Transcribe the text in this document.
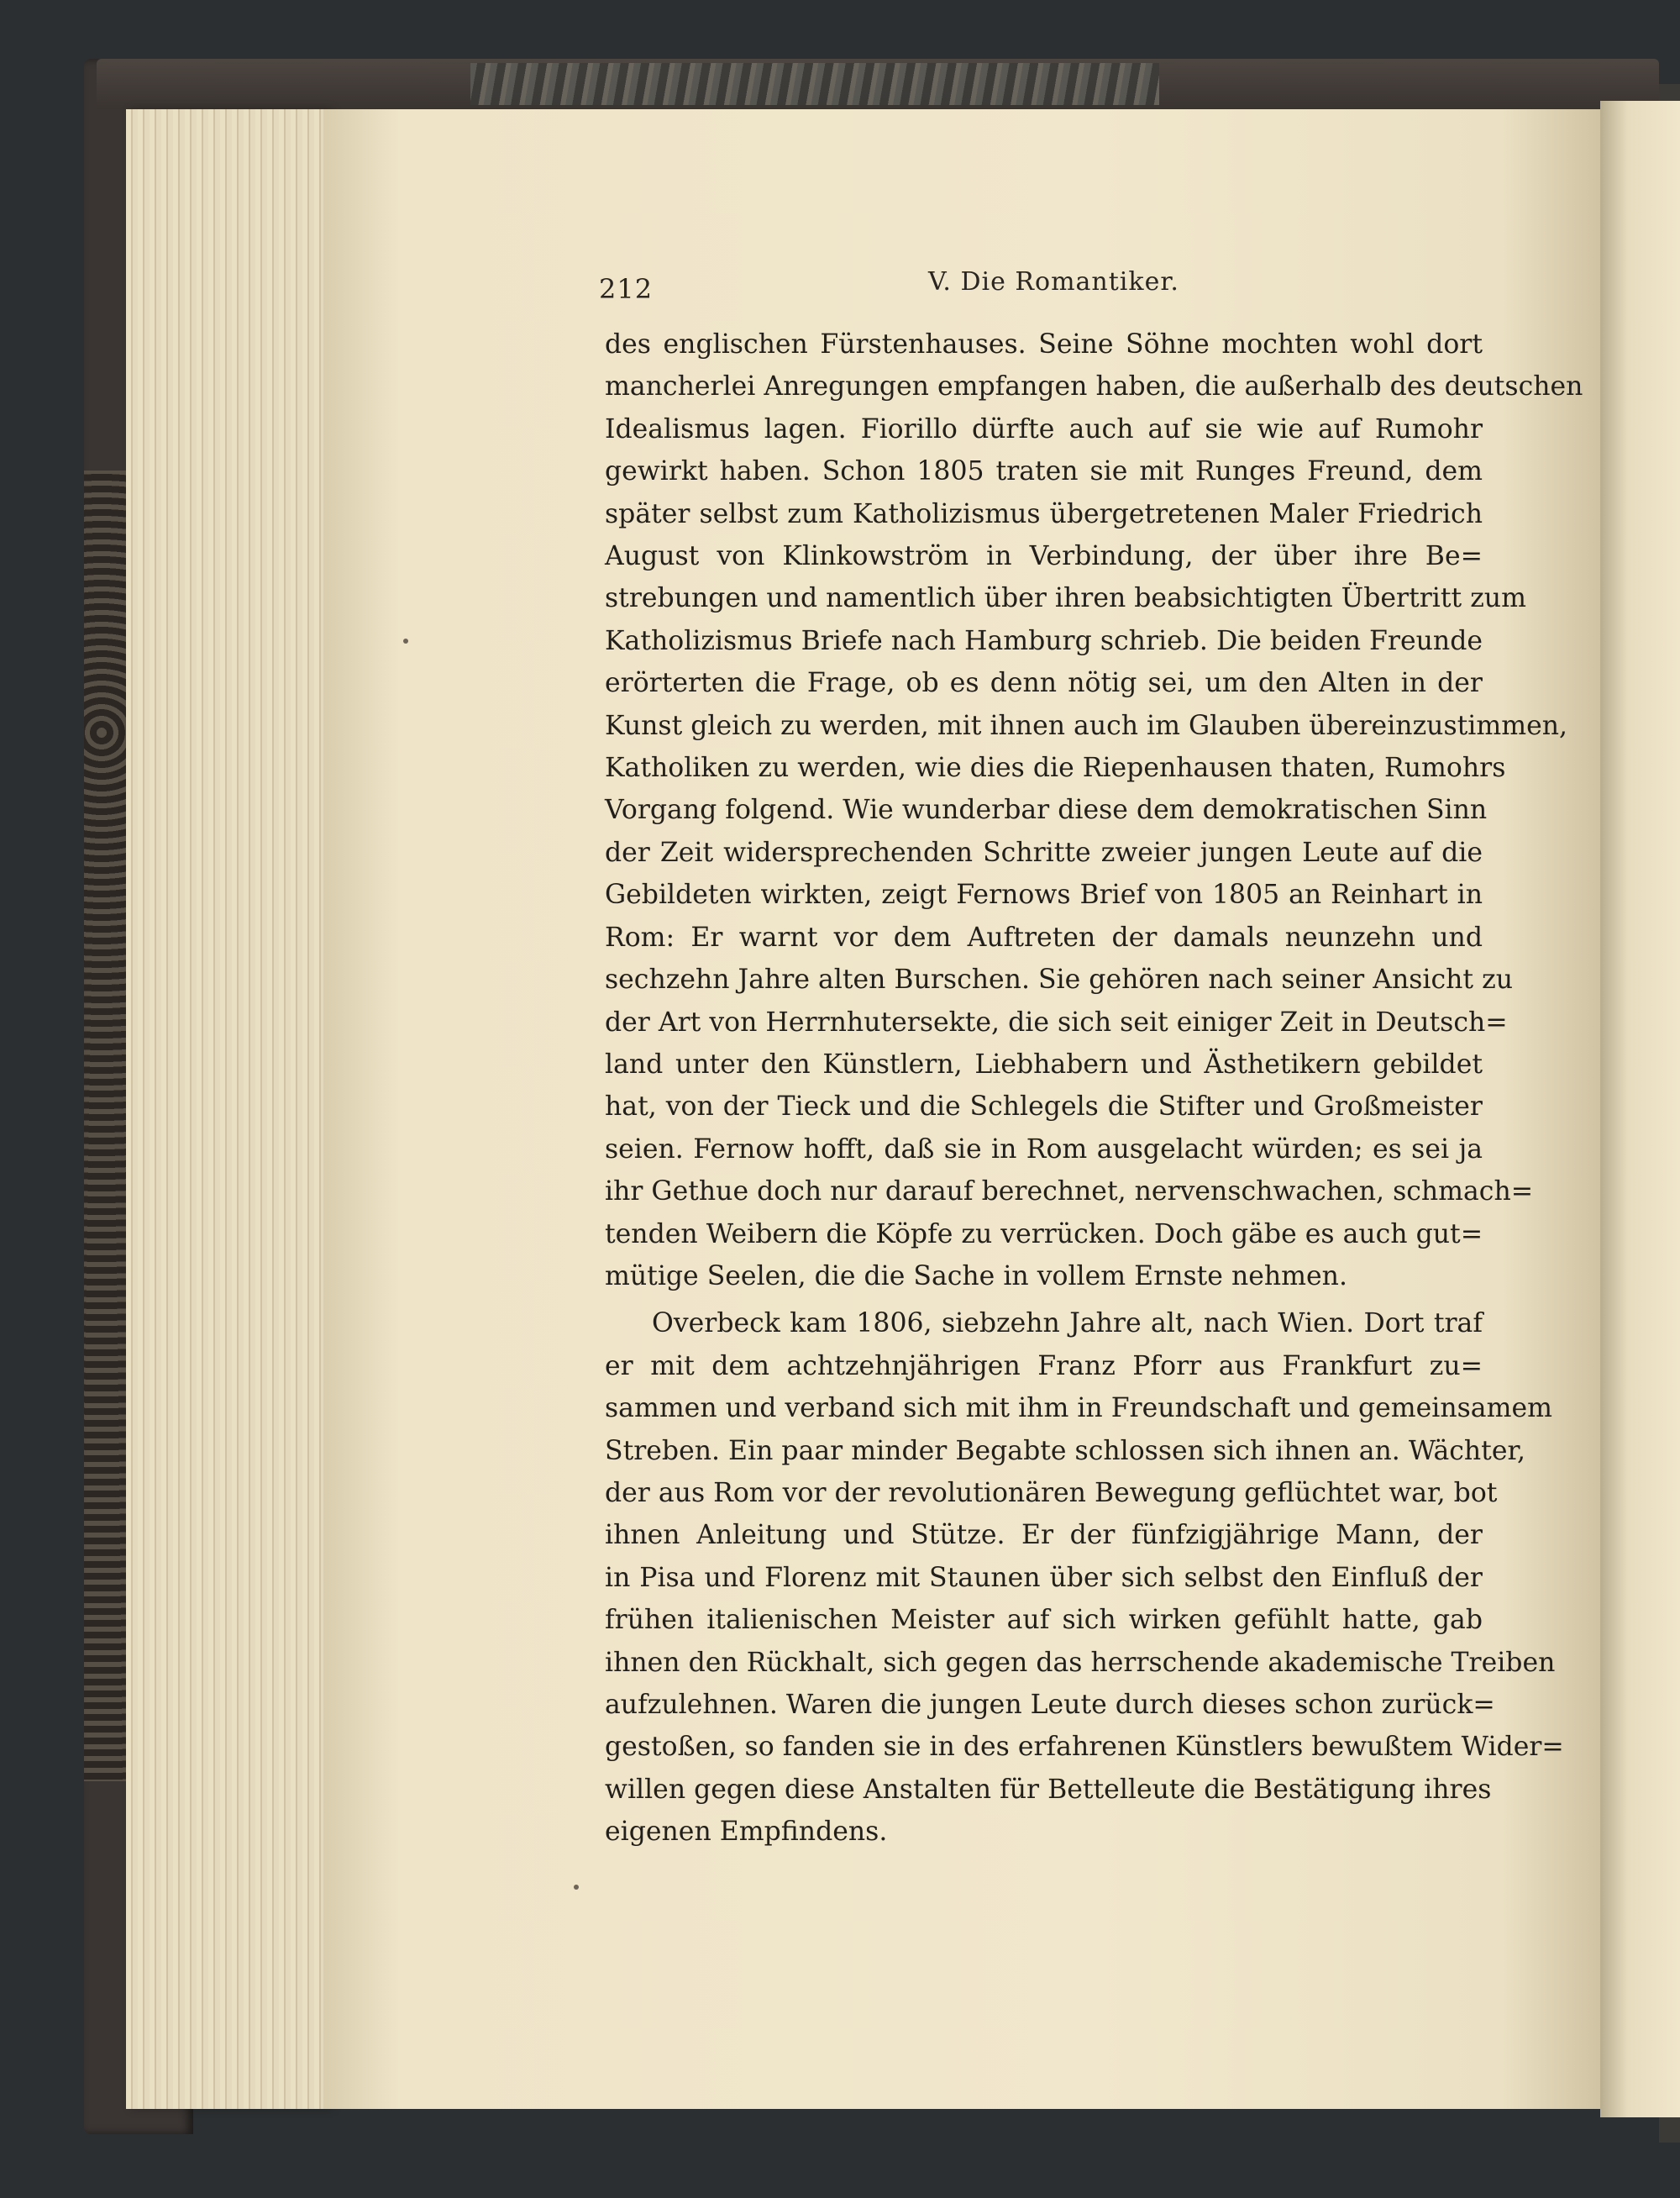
212	V. Die Romantiker.
des englischen Fürstenhauses. Seine Söhne mochten wohl dort
mancherlei Anregungen empfangen haben, die außerhalb des deutschen
Idealismus lagen. Fiorillo dürfte auch auf sie wie auf Rumohr
gewirkt haben. Schon 1805 traten sie mit Runges Freund, dem
später selbst zum Katholizismus übergetretenen Maler Friedrich
August von Klinkowström in Verbindung, der über ihre Be=
strebungen und namentlich über ihren beabsichtigten Übertritt zum
Katholizismus Briefe nach Hamburg schrieb. Die beiden Freunde
erörterten die Frage, ob es denn nötig sei, um den Alten in der
Kunst gleich zu werden, mit ihnen auch im Glauben übereinzustimmen,
Katholiken zu werden, wie dies die Riepenhausen thaten, Rumohrs
Vorgang folgend. Wie wunderbar diese dem demokratischen Sinn
der Zeit widersprechenden Schritte zweier jungen Leute auf die
Gebildeten wirkten, zeigt Fernows Brief von 1805 an Reinhart in
Rom: Er warnt vor dem Auftreten der damals neunzehn und
sechzehn Jahre alten Burschen. Sie gehören nach seiner Ansicht zu
der Art von Herrnhutersekte, die sich seit einiger Zeit in Deutsch=
land unter den Künstlern, Liebhabern und Ästhetikern gebildet
hat, von der Tieck und die Schlegels die Stifter und Großmeister
seien. Fernow hofft, daß sie in Rom ausgelacht würden; es sei ja
ihr Gethue doch nur darauf berechnet, nervenschwachen, schmach=
tenden Weibern die Köpfe zu verrücken. Doch gäbe es auch gut=
mütige Seelen, die die Sache in vollem Ernste nehmen.
Overbeck kam 1806, siebzehn Jahre alt, nach Wien. Dort traf
er mit dem achtzehnjährigen Franz Pforr aus Frankfurt zu=
sammen und verband sich mit ihm in Freundschaft und gemeinsamem
Streben. Ein paar minder Begabte schlossen sich ihnen an. Wächter,
der aus Rom vor der revolutionären Bewegung geflüchtet war, bot
ihnen Anleitung und Stütze. Er der fünfzigjährige Mann, der
in Pisa und Florenz mit Staunen über sich selbst den Einfluß der
frühen italienischen Meister auf sich wirken gefühlt hatte, gab
ihnen den Rückhalt, sich gegen das herrschende akademische Treiben
aufzulehnen. Waren die jungen Leute durch dieses schon zurück=
gestoßen, so fanden sie in des erfahrenen Künstlers bewußtem Wider=
willen gegen diese Anstalten für Bettelleute die Bestätigung ihres
eigenen Empfindens.
